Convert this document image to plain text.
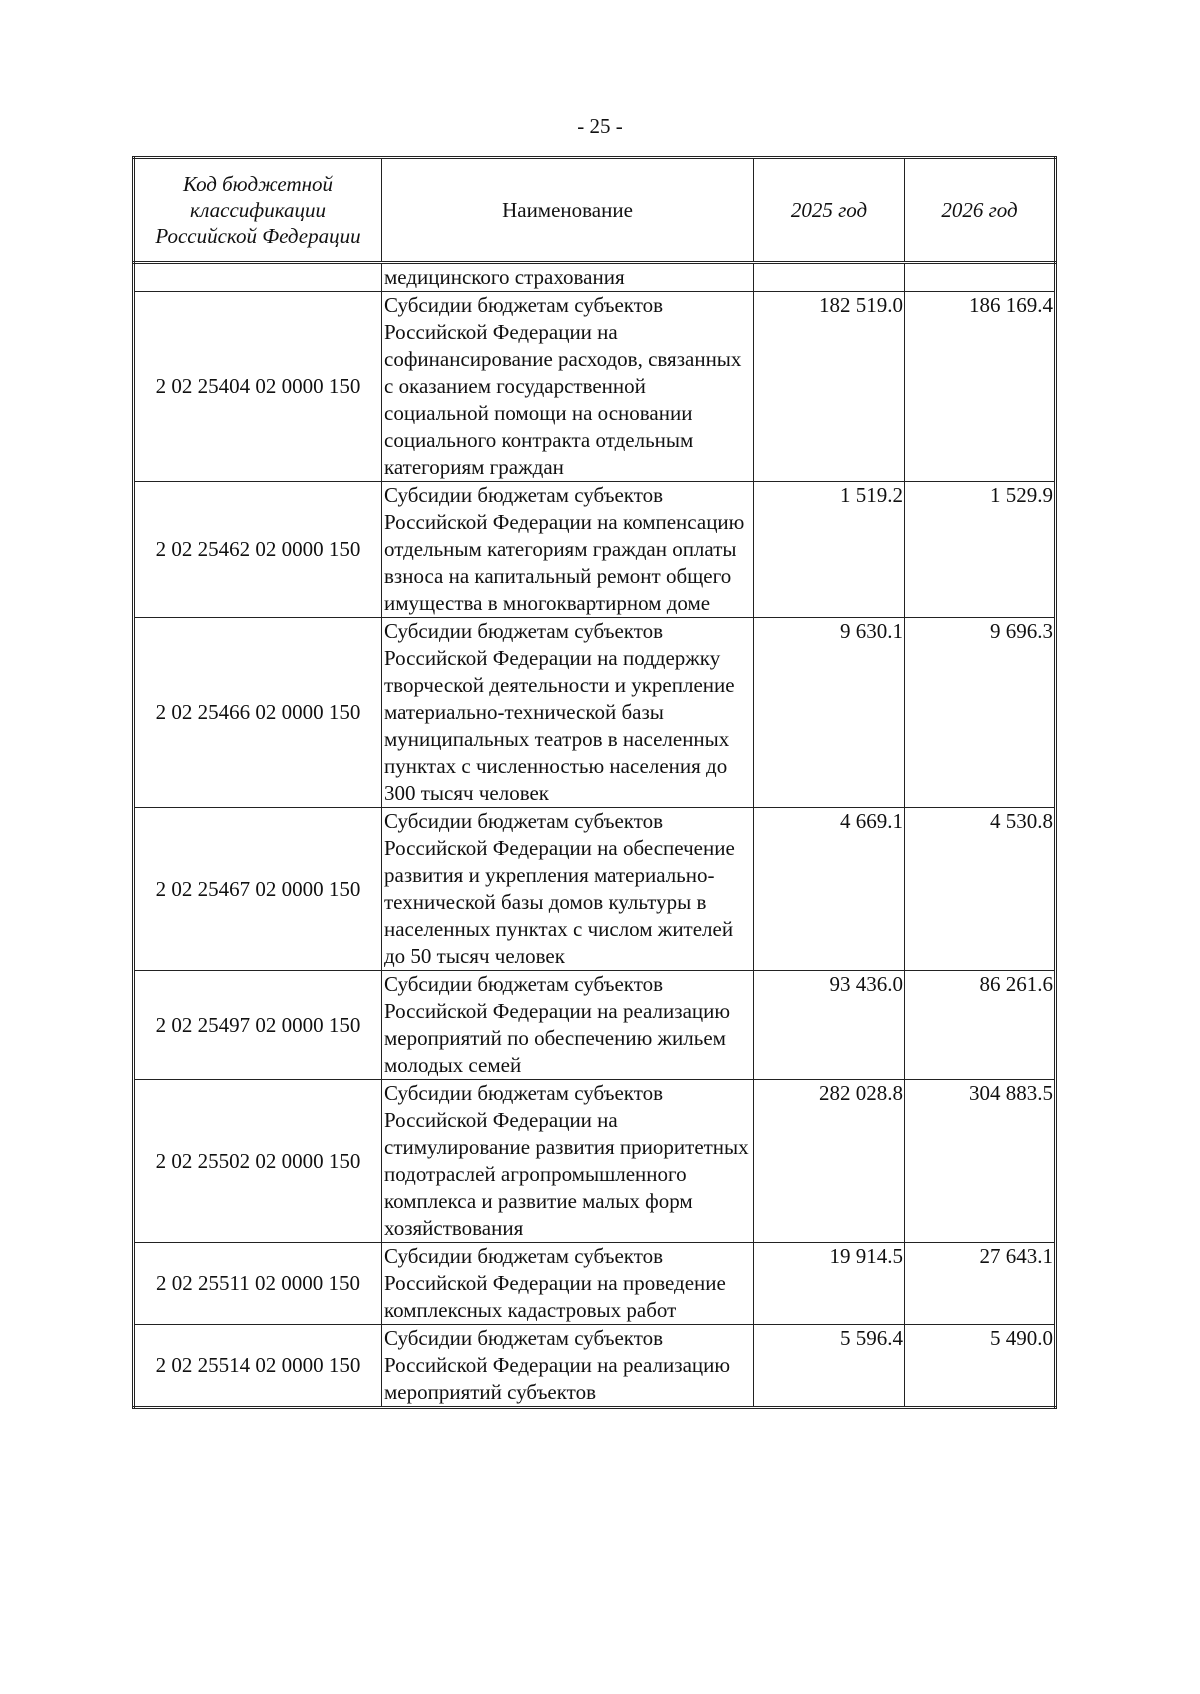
- 25 -
Код бюджетной классификации Российской Федерации	Наименование	2025 год	2026 год
	медицинского страхования		
2 02 25404 02 0000 150	Субсидии бюджетам субъектов Российской Федерации на софинансирование расходов, связанных с оказанием государственной социальной помощи на основании социального контракта отдельным категориям граждан	182 519.0	186 169.4
2 02 25462 02 0000 150	Субсидии бюджетам субъектов Российской Федерации на компенсацию отдельным категориям граждан оплаты взноса на капитальный ремонт общего имущества в многоквартирном доме	1 519.2	1 529.9
2 02 25466 02 0000 150	Субсидии бюджетам субъектов Российской Федерации на поддержку творческой деятельности и укрепление материально-технической базы муниципальных театров в населенных пунктах с численностью населения до 300 тысяч человек	9 630.1	9 696.3
2 02 25467 02 0000 150	Субсидии бюджетам субъектов Российской Федерации на обеспечение развития и укрепления материально-технической базы домов культуры в населенных пунктах с числом жителей до 50 тысяч человек	4 669.1	4 530.8
2 02 25497 02 0000 150	Субсидии бюджетам субъектов Российской Федерации на реализацию мероприятий по обеспечению жильем молодых семей	93 436.0	86 261.6
2 02 25502 02 0000 150	Субсидии бюджетам субъектов Российской Федерации на стимулирование развития приоритетных подотраслей агропромышленного комплекса и развитие малых форм хозяйствования	282 028.8	304 883.5
2 02 25511 02 0000 150	Субсидии бюджетам субъектов Российской Федерации на проведение комплексных кадастровых работ	19 914.5	27 643.1
2 02 25514 02 0000 150	Субсидии бюджетам субъектов Российской Федерации на реализацию мероприятий субъектов	5 596.4	5 490.0
